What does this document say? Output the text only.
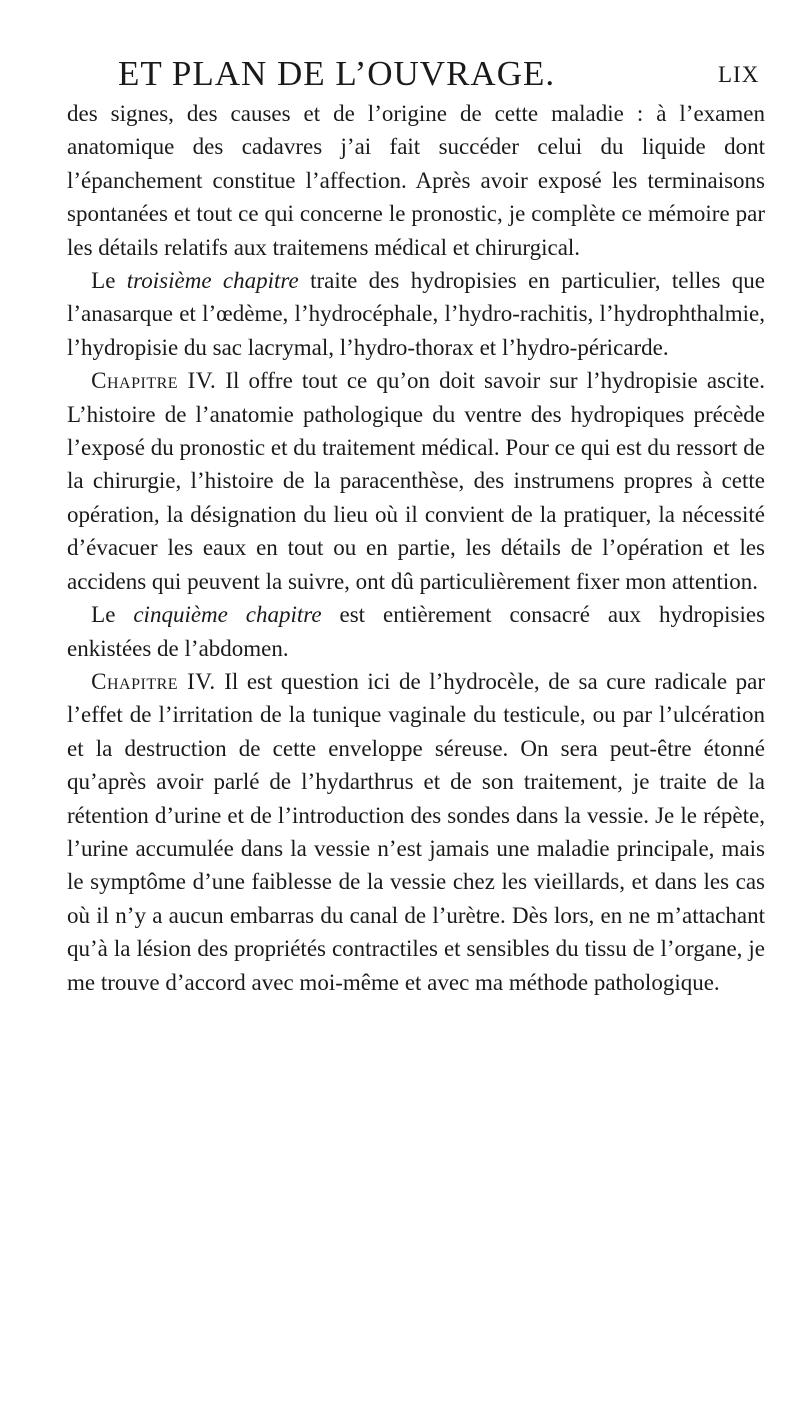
ET PLAN DE L’OUVRAGE.	LIX

des signes, des causes et de l’origine de cette maladie : à l’examen anatomique des cadavres j’ai fait succéder celui du liquide dont l’épanchement constitue l’affection. Après avoir exposé les terminaisons spontanées et tout ce qui concerne le pronostic, je complète ce mémoire par les détails relatifs aux traitemens médical et chirurgical.

Le troisième chapitre traite des hydropisies en particulier, telles que l’anasarque et l’œdème, l’hydrocéphale, l’hydro-rachitis, l’hydrophthalmie, l’hydropisie du sac lacrymal, l’hydro-thorax et l’hydro-péricarde.

Chapitre IV. Il offre tout ce qu’on doit savoir sur l’hydropisie ascite. L’histoire de l’anatomie pathologique du ventre des hydropiques précède l’exposé du pronostic et du traitement médical. Pour ce qui est du ressort de la chirurgie, l’histoire de la paracenthèse, des instrumens propres à cette opération, la désignation du lieu où il convient de la pratiquer, la nécessité d’évacuer les eaux en tout ou en partie, les détails de l’opération et les accidens qui peuvent la suivre, ont dû particulièrement fixer mon attention.

Le cinquième chapitre est entièrement consacré aux hydropisies enkistées de l’abdomen.

Chapitre IV. Il est question ici de l’hydrocèle, de sa cure radicale par l’effet de l’irritation de la tunique vaginale du testicule, ou par l’ulcération et la destruction de cette enveloppe séreuse. On sera peut-être étonné qu’après avoir parlé de l’hydarthrus et de son traitement, je traite de la rétention d’urine et de l’introduction des sondes dans la vessie. Je le répète, l’urine accumulée dans la vessie n’est jamais une maladie principale, mais le symptôme d’une faiblesse de la vessie chez les vieillards, et dans les cas où il n’y a aucun embarras du canal de l’urètre. Dès lors, en ne m’attachant qu’à la lésion des propriétés contractiles et sensibles du tissu de l’organe, je me trouve d’accord avec moi-même et avec ma méthode pathologique.
